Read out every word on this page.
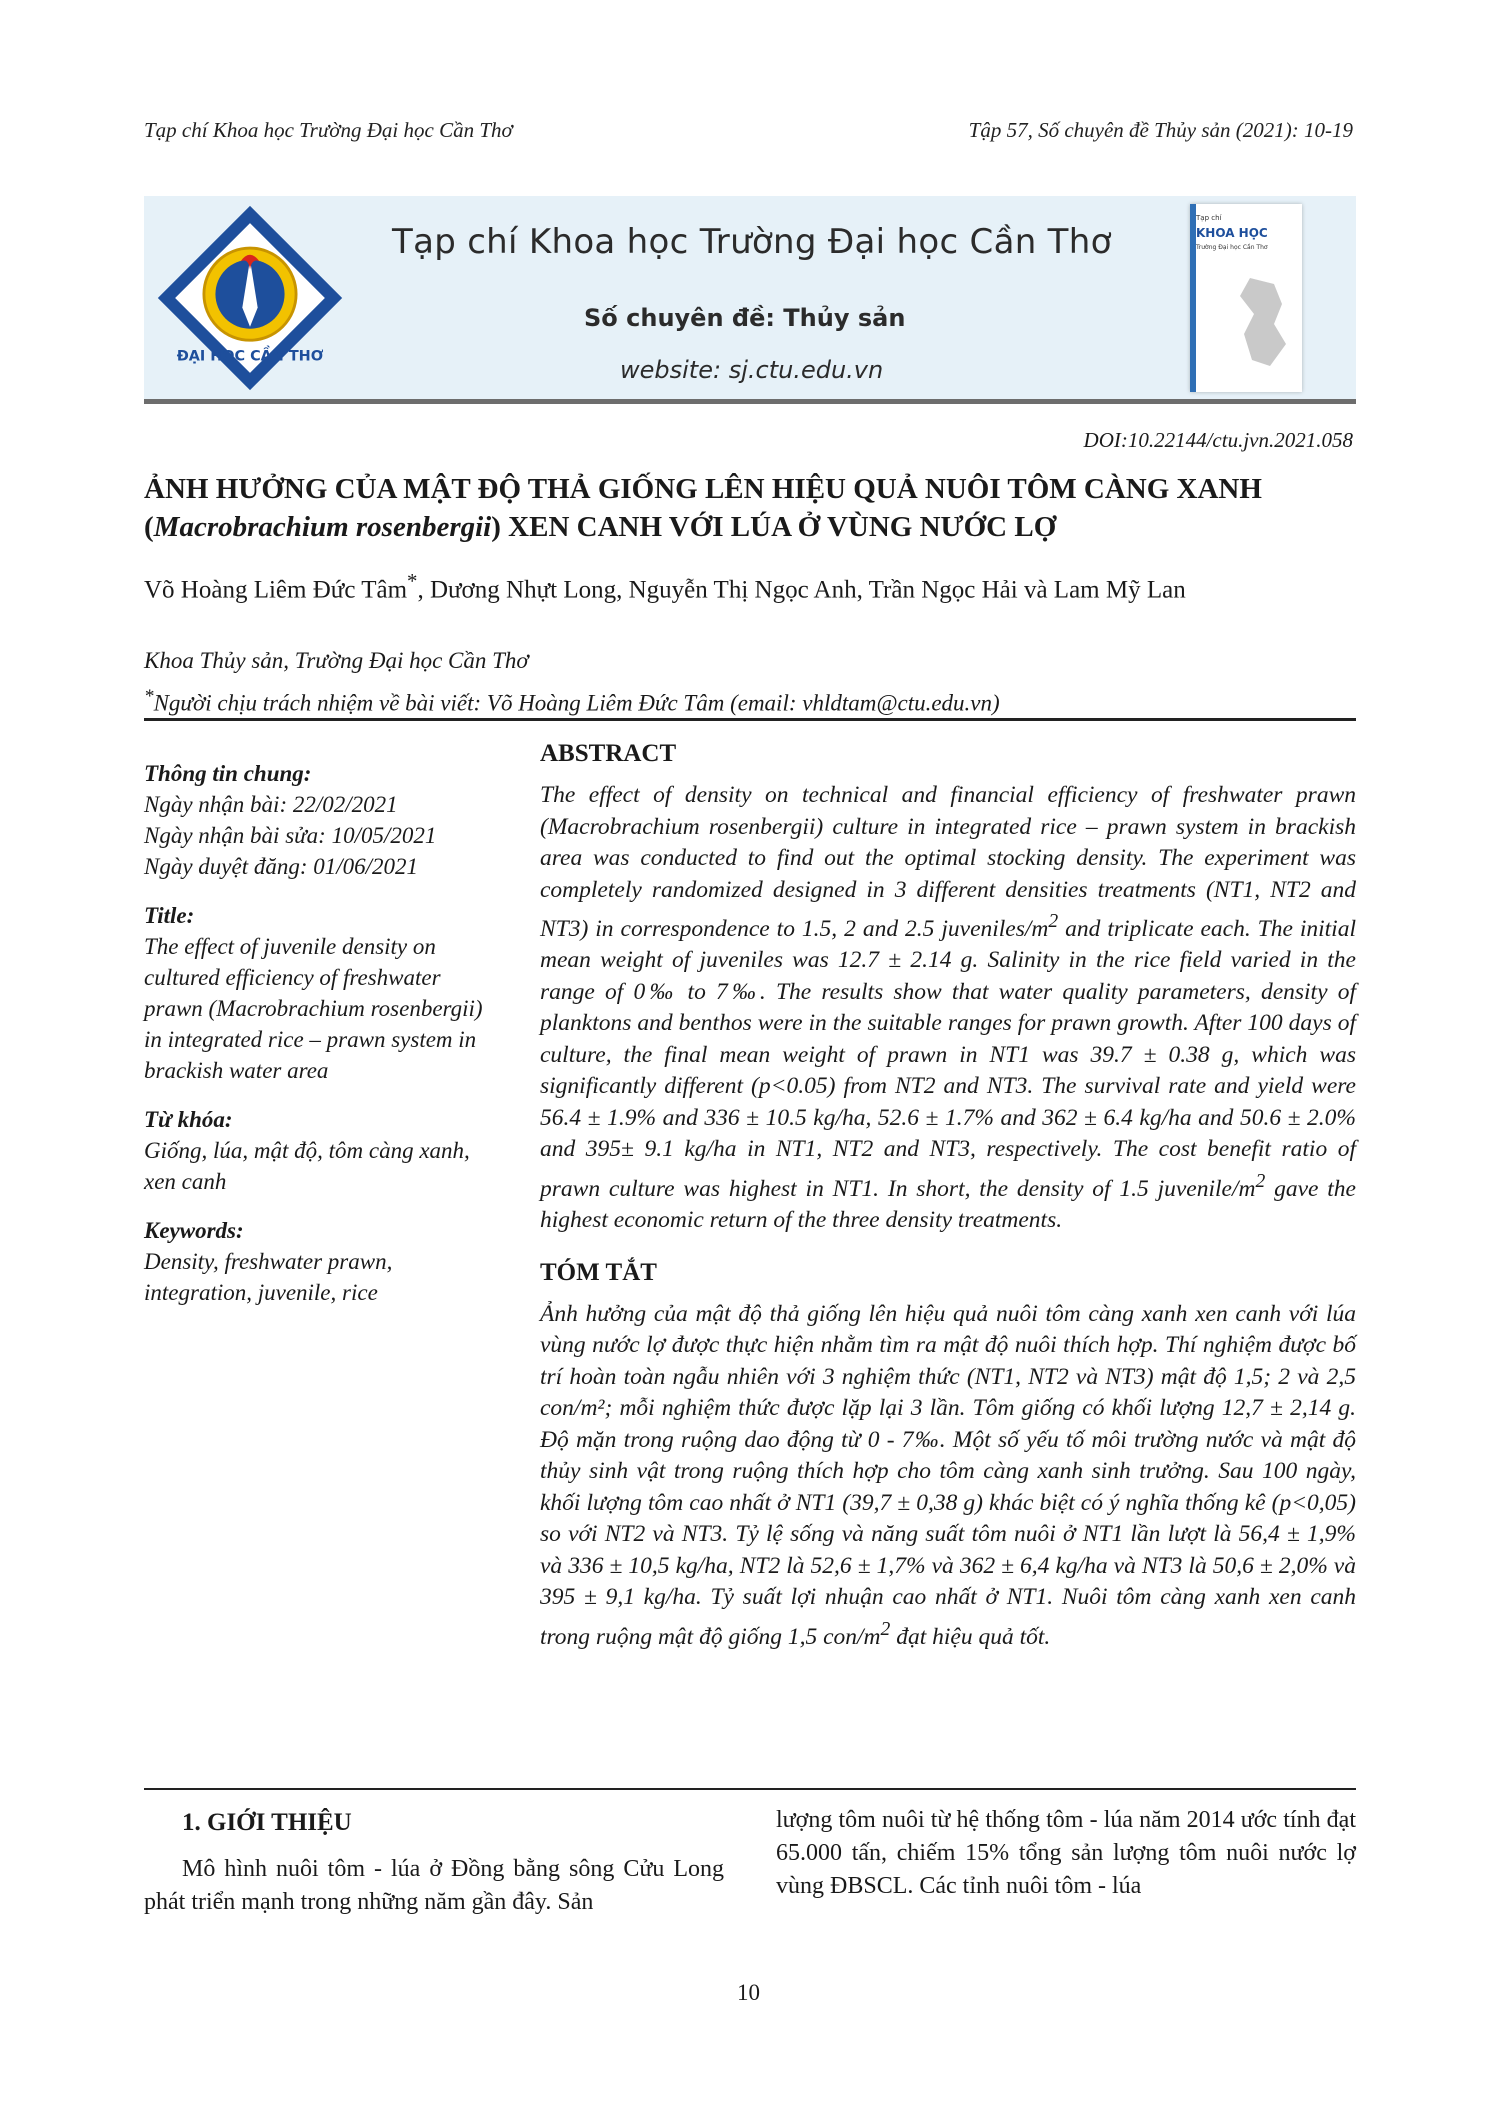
Tạp chí Khoa học Trường Đại học Cần Thơ	Tập 57, Số chuyên đề Thủy sản (2021): 10-19
ĐẠI HỌC CẦN THƠ
Tạp chí Khoa học Trường Đại học Cần Thơ
Số chuyên đề: Thủy sản
website: sj.ctu.edu.vn
Tạp chí
KHOA HỌC
Trường Đại học Cần Thơ
DOI:10.22144/ctu.jvn.2021.058
ẢNH HƯỞNG CỦA MẬT ĐỘ THẢ GIỐNG LÊN HIỆU QUẢ NUÔI TÔM CÀNG XANH (Macrobrachium rosenbergii) XEN CANH VỚI LÚA Ở VÙNG NƯỚC LỢ
Võ Hoàng Liêm Đức Tâm*, Dương Nhựt Long, Nguyễn Thị Ngọc Anh, Trần Ngọc Hải và Lam Mỹ Lan
Khoa Thủy sản, Trường Đại học Cần Thơ
*Người chịu trách nhiệm về bài viết: Võ Hoàng Liêm Đức Tâm (email: vhldtam@ctu.edu.vn)
Thông tin chung:
Ngày nhận bài: 22/02/2021
Ngày nhận bài sửa: 10/05/2021
Ngày duyệt đăng: 01/06/2021
Title:
The effect of juvenile density on cultured efficiency of freshwater prawn (Macrobrachium rosenbergii) in integrated rice – prawn system in brackish water area
Từ khóa:
Giống, lúa, mật độ, tôm càng xanh, xen canh
Keywords:
Density, freshwater prawn, integration, juvenile, rice
ABSTRACT

The effect of density on technical and financial efficiency of freshwater prawn (Macrobrachium rosenbergii) culture in integrated rice – prawn system in brackish area was conducted to find out the optimal stocking density. The experiment was completely randomized designed in 3 different densities treatments (NT1, NT2 and NT3) in correspondence to 1.5, 2 and 2.5 juveniles/$m^2$ and triplicate each. The initial mean weight of juveniles was 12.7 ± 2.14 g. Salinity in the rice field varied in the range of 0‰ to 7‰. The results show that water quality parameters, density of planktons and benthos were in the suitable ranges for prawn growth. After 100 days of culture, the final mean weight of prawn in NT1 was 39.7 ± 0.38 g, which was significantly different (p<0.05) from NT2 and NT3. The survival rate and yield were 56.4 ± 1.9% and 336 ± 10.5 kg/ha, 52.6 ± 1.7% and 362 ± 6.4 kg/ha and 50.6 ± 2.0% and 395± 9.1 kg/ha in NT1, NT2 and NT3, respectively. The cost benefit ratio of prawn culture was highest in NT1. In short, the density of 1.5 juvenile/$m^2$ gave the highest economic return of the three density treatments.

TÓM TẮT

Ảnh hưởng của mật độ thả giống lên hiệu quả nuôi tôm càng xanh xen canh với lúa vùng nước lợ được thực hiện nhằm tìm ra mật độ nuôi thích hợp. Thí nghiệm được bố trí hoàn toàn ngẫu nhiên với 3 nghiệm thức (NT1, NT2 và NT3) mật độ 1,5; 2 và 2,5 con/m²; mỗi nghiệm thức được lặp lại 3 lần. Tôm giống có khối lượng 12,7 ± 2,14 g. Độ mặn trong ruộng dao động từ 0 - 7‰. Một số yếu tố môi trường nước và mật độ thủy sinh vật trong ruộng thích hợp cho tôm càng xanh sinh trưởng. Sau 100 ngày, khối lượng tôm cao nhất ở NT1 (39,7 ± 0,38 g) khác biệt có ý nghĩa thống kê (p<0,05) so với NT2 và NT3. Tỷ lệ sống và năng suất tôm nuôi ở NT1 lần lượt là 56,4 ± 1,9% và 336 ± 10,5 kg/ha, NT2 là 52,6 ± 1,7% và 362 ± 6,4 kg/ha và NT3 là 50,6 ± 2,0% và 395 ± 9,1 kg/ha. Tỷ suất lợi nhuận cao nhất ở NT1. Nuôi tôm càng xanh xen canh trong ruộng mật độ giống 1,5 con/$m^2$ đạt hiệu quả tốt.

1. GIỚI THIỆU

Mô hình nuôi tôm - lúa ở Đồng bằng sông Cửu Long phát triển mạnh trong những năm gần đây. Sản

lượng tôm nuôi từ hệ thống tôm - lúa năm 2014 ước tính đạt 65.000 tấn, chiếm 15% tổng sản lượng tôm nuôi nước lợ vùng ĐBSCL. Các tỉnh nuôi tôm - lúa
10
